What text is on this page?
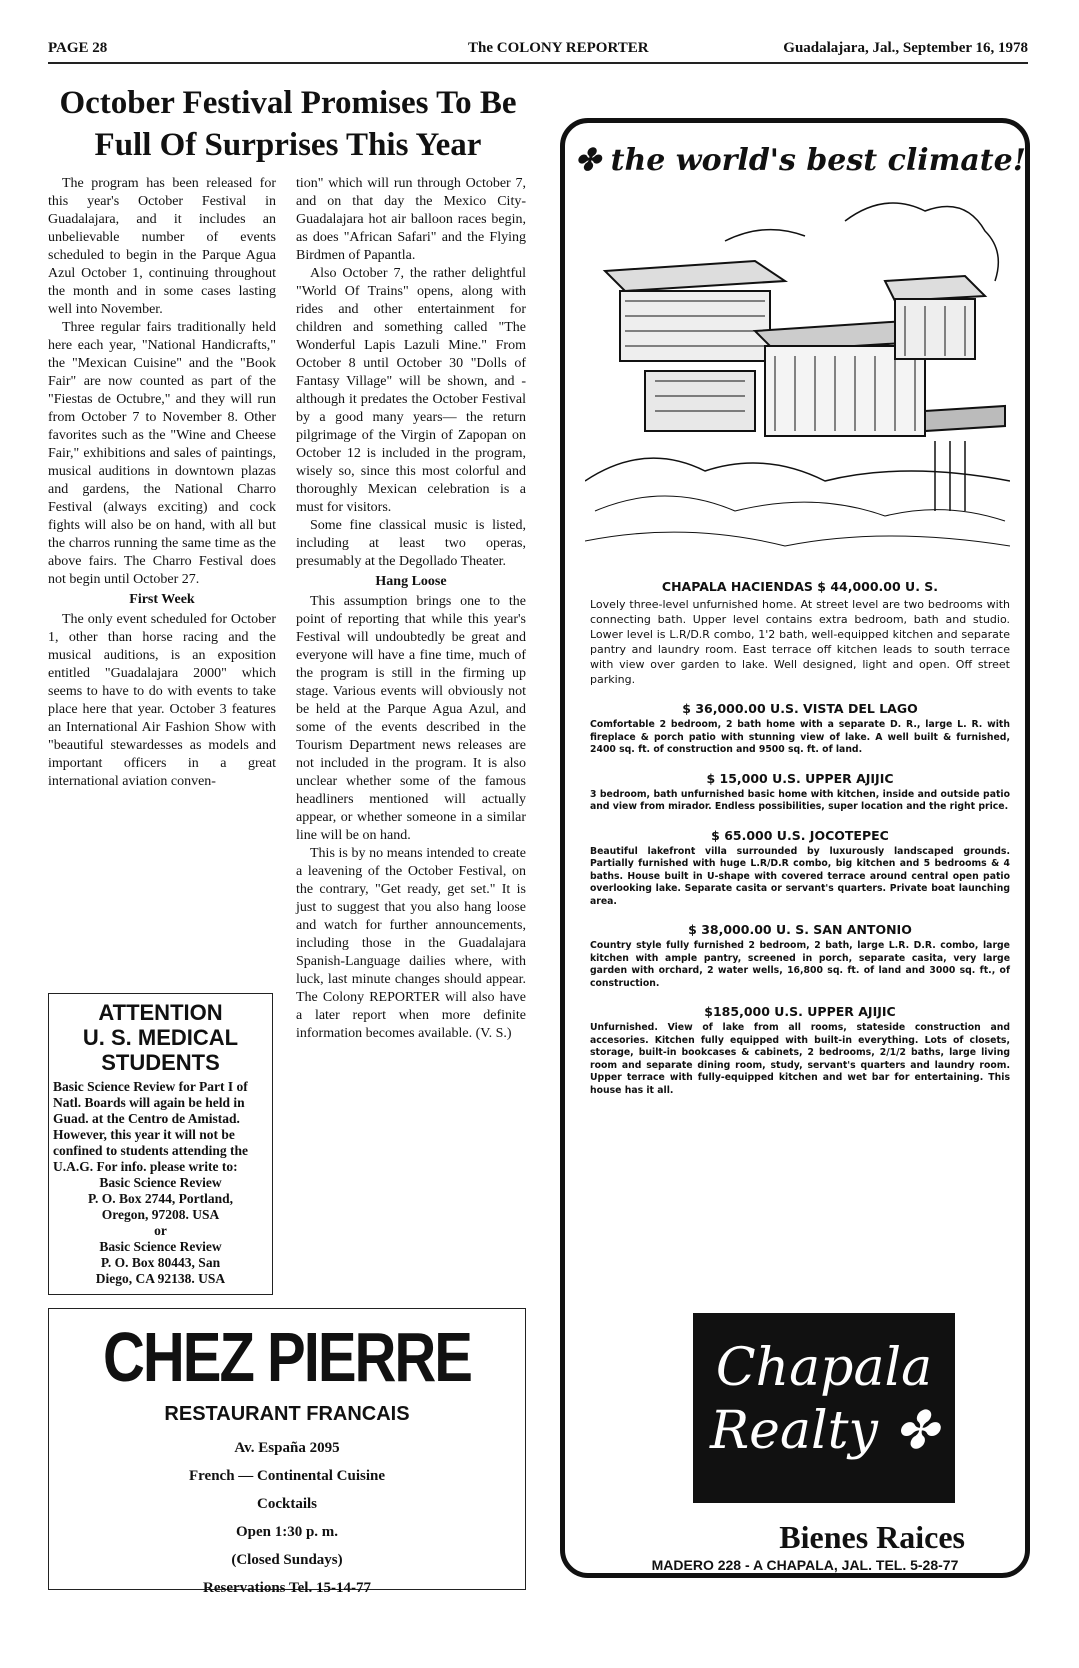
PAGE 28	The COLONY REPORTER	Guadalajara, Jal., September 16, 1978
October Festival Promises To Be Full Of Surprises This Year

The program has been released for this year's October Festival in Guadalajara, and it includes an unbelievable number of events scheduled to begin in the Parque Agua Azul October 1, continuing throughout the month and in some cases lasting well into November.

Three regular fairs traditionally held here each year, "National Handicrafts," the "Mexican Cuisine" and the "Book Fair" are now counted as part of the "Fiestas de Octubre," and they will run from October 7 to November 8. Other favorites such as the "Wine and Cheese Fair," exhibitions and sales of paintings, musical auditions in downtown plazas and gardens, the National Charro Festival (always exciting) and cock fights will also be on hand, with all but the charros running the same time as the above fairs. The Charro Festival does not begin until October 27.

First Week

The only event scheduled for October 1, other than horse racing and the musical auditions, is an exposition entitled "Guadalajara 2000" which seems to have to do with events to take place here that year. October 3 features an International Air Fashion Show with "beautiful stewardesses as models and important officers in a great international aviation conven-

tion" which will run through October 7, and on that day the Mexico City-Guadalajara hot air balloon races begin, as does "African Safari" and the Flying Birdmen of Papantla.

Also October 7, the rather delightful "World Of Trains" opens, along with rides and other entertainment for children and something called "The Wonderful Lapis Lazuli Mine." From October 8 until October 30 "Dolls of Fantasy Village" will be shown, and - although it predates the October Festival by a good many years— the return pilgrimage of the Virgin of Zapopan on October 12 is included in the program, wisely so, since this most colorful and thoroughly Mexican celebration is a must for visitors.

Some fine classical music is listed, including at least two operas, presumably at the Degollado Theater.

Hang Loose

This assumption brings one to the point of reporting that while this year's Festival will undoubtedly be great and everyone will have a fine time, much of the program is still in the firming up stage. Various events will obviously not be held at the Parque Agua Azul, and some of the events described in the Tourism Department news releases are not included in the program. It is also unclear whether some of the famous headliners mentioned will actually appear, or whether someone in a similar line will be on hand.

This is by no means intended to create a leavening of the October Festival, on the contrary, "Get ready, get set." It is just to suggest that you also hang loose and watch for further announcements, including those in the Guadalajara Spanish-Language dailies where, with luck, last minute changes should appear. The Colony REPORTER will also have a later report when more definite information becomes available. (V. S.)

ATTENTION
U. S. MEDICAL
STUDENTS
Basic Science Review for Part I of Natl. Boards will again be held in Guad. at the Centro de Amistad. However, this year it will not be confined to students attending the U.A.G. For info. please write to:
Basic Science Review
P. O. Box 2744, Portland,
Oregon, 97208. USA
or
Basic Science Review
P. O. Box 80443, San
Diego, CA 92138. USA
CHEZ PIERRE
RESTAURANT FRANCAIS
Av. España 2095
French — Continental Cuisine
Cocktails
Open 1:30 p. m.
(Closed Sundays)
Reservations Tel. 15-14-77
✤ the world's best climate!
CHAPALA HACIENDAS $ 44,000.00 U. S.
Lovely three-level unfurnished home. At street level are two bedrooms with connecting bath. Upper level contains extra bedroom, bath and studio. Lower level is L.R/D.R combo, 1'2 bath, well-equipped kitchen and separate pantry and laundry room. East terrace off kitchen leads to south terrace with view over garden to lake. Well designed, light and open. Off street parking.
$ 36,000.00 U.S. VISTA DEL LAGO
Comfortable 2 bedroom, 2 bath home with a separate D. R., large L. R. with fireplace & porch patio with stunning view of lake. A well built & furnished, 2400 sq. ft. of construction and 9500 sq. ft. of land.
$ 15,000 U.S. UPPER AJIJIC
3 bedroom, bath unfurnished basic home with kitchen, inside and outside patio and view from mirador. Endless possibilities, super location and the right price.
$ 65.000 U.S. JOCOTEPEC
Beautiful lakefront villa surrounded by luxurously landscaped grounds. Partially furnished with huge L.R/D.R combo, big kitchen and 5 bedrooms & 4 baths. House built in U-shape with covered terrace around central open patio overlooking lake. Separate casita or servant's quarters. Private boat launching area.
$ 38,000.00 U. S. SAN ANTONIO
Country style fully furnished 2 bedroom, 2 bath, large L.R. D.R. combo, large kitchen with ample pantry, screened in porch, separate casita, very large garden with orchard, 2 water wells, 16,800 sq. ft. of land and 3000 sq. ft., of construction.
$185,000 U.S. UPPER AJIJIC
Unfurnished. View of lake from all rooms, stateside construction and accesories. Kitchen fully equipped with built-in everything. Lots of closets, storage, built-in bookcases & cabinets, 2 bedrooms, 2/1/2 baths, large living room and separate dining room, study, servant's quarters and laundry room. Upper terrace with fully-equipped kitchen and wet bar for entertaining. This house has it all.
Chapala
Realty ✤
Bienes Raices
MADERO 228 - A CHAPALA, JAL. TEL. 5-28-77
